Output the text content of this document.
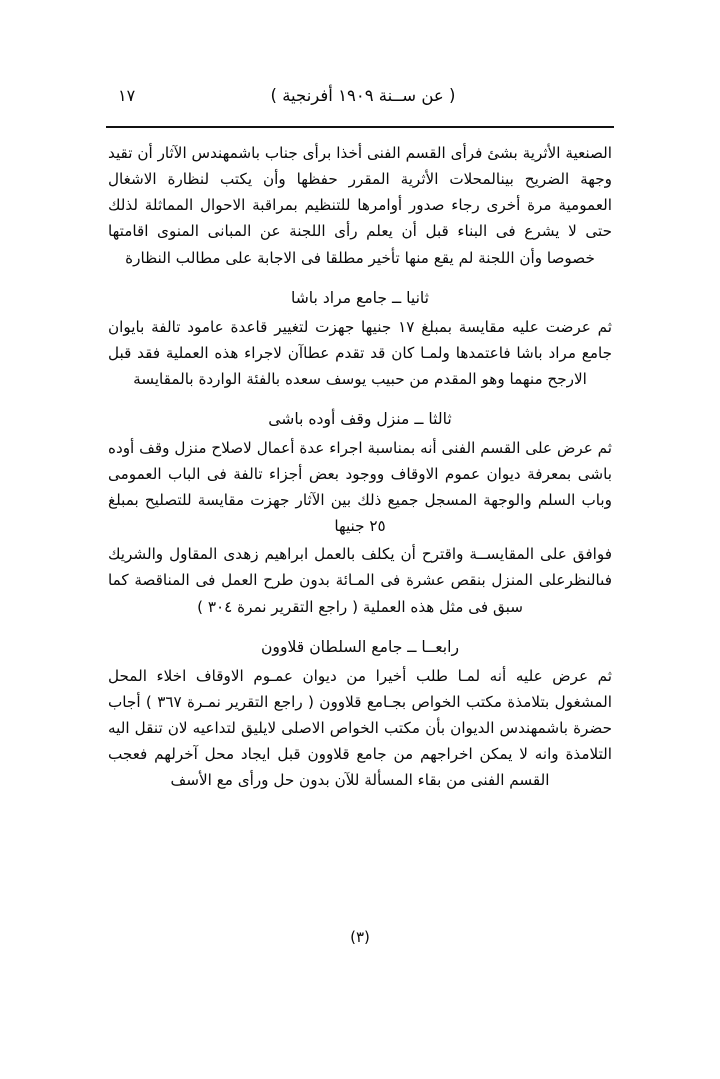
( عن ســنة ١٩٠٩ أفرنجية )
١٧

الصنعية الأثرية بشئ فرأى القسم الفنى أخذا برأى جناب باشمهندس الآثار أن تقيد وجهة الضريح بينالمحلات الأثرية المقرر حفظها وأن يكتب لنظارة الاشغال العمومية مرة أخرى رجاء صدور أوامرها للتنظيم بمراقبة الاحوال المماثلة لذلك حتى لا يشرع فى البناء قبل أن يعلم رأى اللجنة عن المبانى المنوى اقامتها خصوصا وأن اللجنة لم يقع منها تأخير مطلقا فى الاجابة على مطالب النظارة

ثانيا ــ جامع مراد باشا

ثم عرضت عليه مقايسة بمبلغ ١٧ جنيها جهزت لتغيير قاعدة عامود تالفة بايوان جامع مراد باشا فاعتمدها ولمـا كان قد تقدم عطاآن لاجراء هذه العملية فقد قبل الارجح منهما وهو المقدم من حبيب يوسف سعده بالفئة الواردة بالمقايسة

ثالثا ــ منزل وقف أوده باشى

ثم عرض على القسم الفنى أنه بمناسبة اجراء عدة أعمال لاصلاح منزل وقف أوده باشى بمعرفة ديوان عموم الاوقاف ووجود بعض أجزاء تالفة فى الباب العمومى وباب السلم والوجهة المسجل جميع ذلك بين الآثار جهزت مقايسة للتصليح بمبلغ ٢٥ جنيها

فوافق على المقايســة واقترح أن يكلف بالعمل ابراهيم زهدى المقاول والشريك فىالنظرعلى المنزل بنقص عشرة فى المـائة بدون طرح العمل فى المناقصة كما سبق فى مثل هذه العملية ( راجع التقرير نمرة ٣٠٤ )

رابعــا ــ جامع السلطان قلاوون

ثم عرض عليه أنه لمـا طلب أخيرا من ديوان عمـوم الاوقاف اخلاء المحل المشغول بتلامذة مكتب الخواص بجـامع قلاوون ( راجع التقرير نمـرة ٣٦٧ ) أجاب حضرة باشمهندس الديوان بأن مكتب الخواص الاصلى لايليق لتداعيه لان تنقل اليه التلامذة وانه لا يمكن اخراجهم من جامع قلاوون قبل ايجاد محل آخرلهم فعجب القسم الفنى من بقاء المسألة للآن بدون حل ورأى مع الأسف

(٣)
